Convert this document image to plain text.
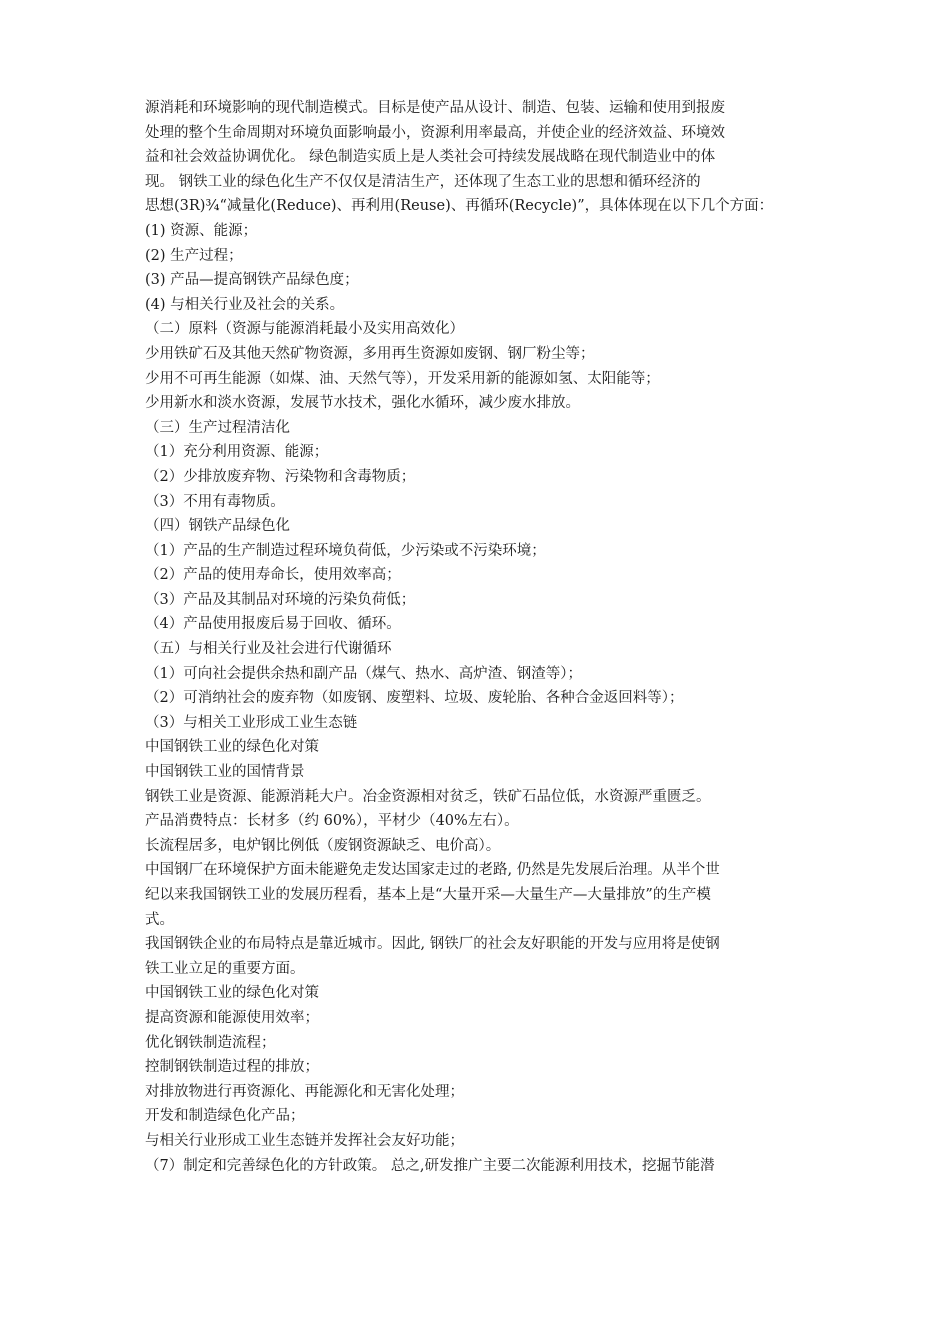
源消耗和环境影响的现代制造模式。目标是使产品从设计、制造、包装、运输和使用到报废
处理的整个生命周期对环境负面影响最小，资源利用率最高，并使企业的经济效益、环境效
益和社会效益协调优化。 绿色制造实质上是人类社会可持续发展战略在现代制造业中的体
现。 钢铁工业的绿色化生产不仅仅是清洁生产，还体现了生态工业的思想和循环经济的
思想(3R)¾“减量化(Reduce)、再利用(Reuse)、再循环(Recycle)”，具体体现在以下几个方面：
(1) 资源、能源；
(2) 生产过程；
(3) 产品—提高钢铁产品绿色度；
(4) 与相关行业及社会的关系。
（二）原料（资源与能源消耗最小及实用高效化）
少用铁矿石及其他天然矿物资源，多用再生资源如废钢、钢厂粉尘等；
少用不可再生能源（如煤、油、天然气等），开发采用新的能源如氢、太阳能等；
少用新水和淡水资源，发展节水技术，强化水循环，减少废水排放。
（三）生产过程清洁化
（1）充分利用资源、能源；
（2）少排放废弃物、污染物和含毒物质；
（3）不用有毒物质。
（四）钢铁产品绿色化
（1）产品的生产制造过程环境负荷低，少污染或不污染环境；
（2）产品的使用寿命长，使用效率高；
（3）产品及其制品对环境的污染负荷低；
（4）产品使用报废后易于回收、循环。
（五）与相关行业及社会进行代谢循环
（1）可向社会提供余热和副产品（煤气、热水、高炉渣、钢渣等）；
（2）可消纳社会的废弃物（如废钢、废塑料、垃圾、废轮胎、各种合金返回料等）；
（3）与相关工业形成工业生态链
中国钢铁工业的绿色化对策
中国钢铁工业的国情背景
钢铁工业是资源、能源消耗大户。冶金资源相对贫乏，铁矿石品位低，水资源严重匮乏。
产品消费特点：长材多（约 60%），平材少（40%左右）。
长流程居多，电炉钢比例低（废钢资源缺乏、电价高）。
中国钢厂在环境保护方面未能避免走发达国家走过的老路, 仍然是先发展后治理。从半个世
纪以来我国钢铁工业的发展历程看，基本上是“大量开采—大量生产—大量排放”的生产模
式。
我国钢铁企业的布局特点是靠近城市。因此, 钢铁厂的社会友好职能的开发与应用将是使钢
铁工业立足的重要方面。
中国钢铁工业的绿色化对策
提高资源和能源使用效率；
优化钢铁制造流程；
控制钢铁制造过程的排放；
对排放物进行再资源化、再能源化和无害化处理；
开发和制造绿色化产品；
与相关行业形成工业生态链并发挥社会友好功能；
（7）制定和完善绿色化的方针政策。 总之,研发推广主要二次能源利用技术，挖掘节能潜
